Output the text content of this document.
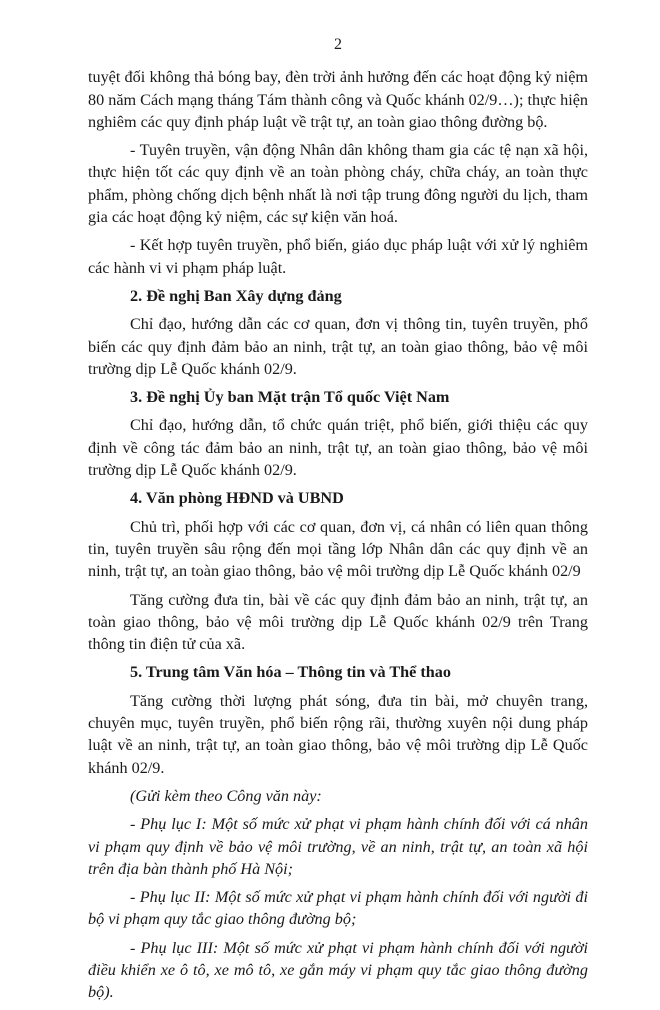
2

tuyệt đối không thả bóng bay, đèn trời ảnh hưởng đến các hoạt động kỷ niệm 80 năm Cách mạng tháng Tám thành công và Quốc khánh 02/9…); thực hiện nghiêm các quy định pháp luật về trật tự, an toàn giao thông đường bộ.

- Tuyên truyền, vận động Nhân dân không tham gia các tệ nạn xã hội, thực hiện tốt các quy định về an toàn phòng cháy, chữa cháy, an toàn thực phẩm, phòng chống dịch bệnh nhất là nơi tập trung đông người du lịch, tham gia các hoạt động kỷ niệm, các sự kiện văn hoá.

- Kết hợp tuyên truyền, phổ biến, giáo dục pháp luật với xử lý nghiêm các hành vi vi phạm pháp luật.

2. Đề nghị Ban Xây dựng đảng

Chỉ đạo, hướng dẫn các cơ quan, đơn vị thông tin, tuyên truyền, phổ biến các quy định đảm bảo an ninh, trật tự, an toàn giao thông, bảo vệ môi trường dịp Lễ Quốc khánh 02/9.

3. Đề nghị Ủy ban Mặt trận Tổ quốc Việt Nam

Chỉ đạo, hướng dẫn, tổ chức quán triệt, phổ biến, giới thiệu các quy định về công tác đảm bảo an ninh, trật tự, an toàn giao thông, bảo vệ môi trường dịp Lễ Quốc khánh 02/9.

4. Văn phòng HĐND và UBND

Chủ trì, phối hợp với các cơ quan, đơn vị, cá nhân có liên quan thông tin, tuyên truyền sâu rộng đến mọi tầng lớp Nhân dân các quy định về an ninh, trật tự, an toàn giao thông, bảo vệ môi trường dịp Lễ Quốc khánh 02/9

Tăng cường đưa tin, bài về các quy định đảm bảo an ninh, trật tự, an toàn giao thông, bảo vệ môi trường dịp Lễ Quốc khánh 02/9 trên Trang thông tin điện tử của xã.

5. Trung tâm Văn hóa – Thông tin và Thể thao

Tăng cường thời lượng phát sóng, đưa tin bài, mở chuyên trang, chuyên mục, tuyên truyền, phổ biến rộng rãi, thường xuyên nội dung pháp luật về an ninh, trật tự, an toàn giao thông, bảo vệ môi trường dịp Lễ Quốc khánh 02/9.

(Gửi kèm theo Công văn này:

- Phụ lục I: Một số mức xử phạt vi phạm hành chính đối với cá nhân vi phạm quy định về bảo vệ môi trường, về an ninh, trật tự, an toàn xã hội trên địa bàn thành phố Hà Nội;

- Phụ lục II: Một số mức xử phạt vi phạm hành chính đối với người đi bộ vi phạm quy tắc giao thông đường bộ;

- Phụ lục III: Một số mức xử phạt vi phạm hành chính đối với người điều khiển xe ô tô, xe mô tô, xe gắn máy vi phạm quy tắc giao thông đường bộ).
